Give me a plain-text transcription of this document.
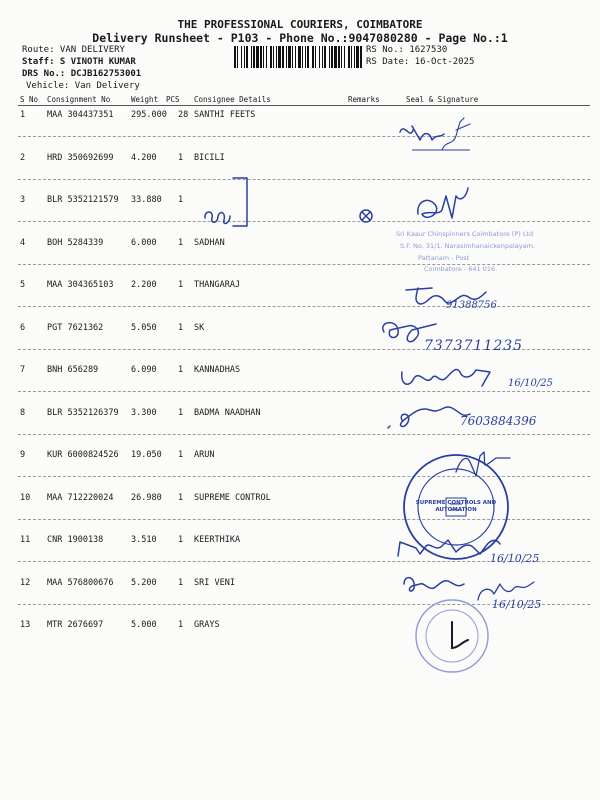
THE PROFESSIONAL COURIERS, COIMBATORE
Delivery Runsheet - P103 - Phone No.:9047080280 - Page No.:1
Route: VAN DELIVERY
Staff: S VINOTH KUMAR
DRS No.: DCJB162753001
Vehicle: Van Delivery
RS No.: 1627530
RS Date: 16-Oct-2025
S No Consignment No	Weight PCS Consignee Details	Remarks	Seal & Signature
1	MAA 304437351 295.000 28 SANTHI FEETS
2	HRD 350692699 4.200	1 BICILI
3	BLR 5352121579 33.880 1
4	BOH 5284339	6.000	1 SADHAN
5	MAA 304365103 2.200	1 THANGARAJ
6	PGT 7621362	5.050	1 SK
7	BNH 656289	6.090	1 KANNADHAS
8	BLR 5352126379 3.300	1 BADMA NAADHAN
9	KUR 6000824526 19.050 1 ARUN
10 MAA 712220024 26.980 1 SUPREME CONTROL
11 CNR 1900138	3.510	1 KEERTHIKA
12 MAA 576800676 5.200	1 SRI VENI
13 MTR 2676697	5.000	1 GRAYS
91388756
7373711235
16/10/25
7603884396
16/10/25
16/10/25
Sri Kaaur Chinspinners Coimbatore (P) Ltd
S.F. No. 31/1, Narasimhanaickenpalayam,
Pattanam - Post
Coimbatore - 641 016.
SUPREME CONTROLS AND AUTOMATION
